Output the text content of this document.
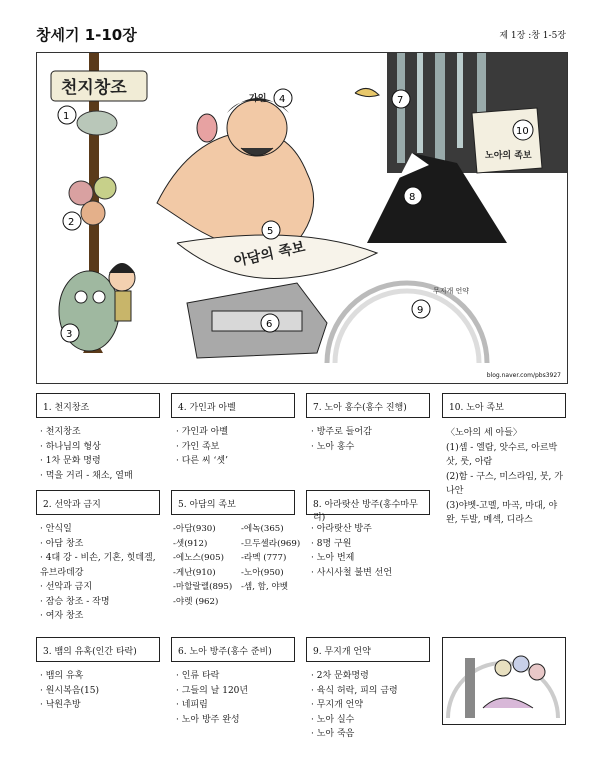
창세기 1-10장	제 1장 :창 1-5장
천지창조
아담의 족보
무지개 언약
노아의 족보
가인
1
2
3
4
5
6
7
8
9
10
blog.naver.com/pbs3927
1. 천지창조	4. 가인과 아벨	7. 노아 홍수(홍수 진행)	10. 노아 족보
· 천지창조
· 하나님의 형상
· 1차 문화 명령
· 먹을 거리 - 채소, 열매
· 가인과 아벨
· 가인 족보
· 다른 씨 ‘셋’
· 방주로 들어감
· 노아 홍수
〈노아의 세 아들〉
(1)셈 - 엘람, 앗수르, 아르박삿, 룻, 아람
(2)함 - 구스, 미스라임, 붓, 가나안
(3)야벳-고멜, 마곡, 마대, 야완, 두발, 메섹, 디라스
2. 선악과 금지	5. 아담의 족보	8. 아라랏산 방주(홍수마무리)
· 안식일
· 아담 창조
· 4대 강 - 비손, 기혼, 힛데겔, 유브라데강
· 선악과 금지
· 잠승 창조 - 작명
· 여자 창조
-아담(930)	-에녹(365)
-셋(912)	-므두셀라(969)
-에노스(905)	-라멕 (777)
-게난(910)	-노아(950)
-마할랄렐(895)	-셈, 함, 야벳
-야렛 (962)
· 아라랏산 방주
· 8명 구원
· 노아 번제
· 사시사철 불변 선언
3. 뱀의 유혹(인간 타락)	6. 노아 방주(홍수 준비)	9. 무지개 언약
· 뱀의 유혹
· 원시복음(15)
· 낙원추방
· 인류 타락
· 그들의 날 120년
· 네피림
· 노아 방주 완성
· 2차 문화명령
· 육식 허락, 피의 금령
· 무지개 언약
· 노아 실수
· 노아 죽음
